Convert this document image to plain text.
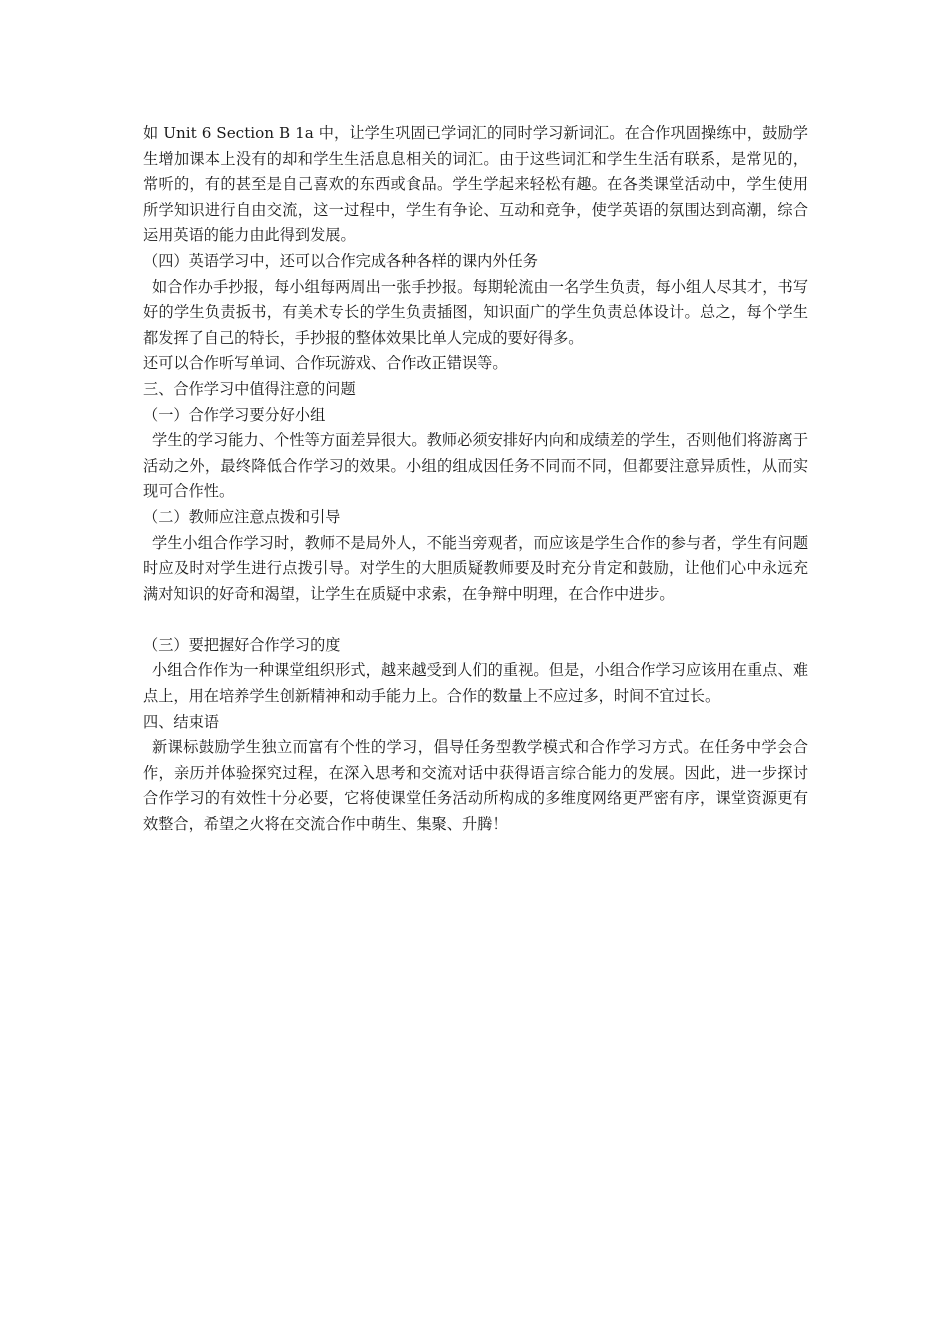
如 Unit 6 Section B 1a 中，让学生巩固已学词汇的同时学习新词汇。在合作巩固操练中，鼓励学生增加课本上没有的却和学生生活息息相关的词汇。由于这些词汇和学生生活有联系，是常见的，常听的，有的甚至是自己喜欢的东西或食品。学生学起来轻松有趣。在各类课堂活动中，学生使用所学知识进行自由交流，这一过程中，学生有争论、互动和竞争，使学英语的氛围达到高潮，综合运用英语的能力由此得到发展。

（四）英语学习中，还可以合作完成各种各样的课内外任务

如合作办手抄报，每小组每两周出一张手抄报。每期轮流由一名学生负责，每小组人尽其才，书写好的学生负责扳书，有美术专长的学生负责插图，知识面广的学生负责总体设计。总之，每个学生都发挥了自己的特长，手抄报的整体效果比单人完成的要好得多。

还可以合作听写单词、合作玩游戏、合作改正错误等。

三、合作学习中值得注意的问题

（一）合作学习要分好小组

学生的学习能力、个性等方面差异很大。教师必须安排好内向和成绩差的学生，否则他们将游离于活动之外，最终降低合作学习的效果。小组的组成因任务不同而不同，但都要注意异质性，从而实现可合作性。

（二）教师应注意点拨和引导

学生小组合作学习时，教师不是局外人，不能当旁观者，而应该是学生合作的参与者，学生有问题时应及时对学生进行点拨引导。对学生的大胆质疑教师要及时充分肯定和鼓励，让他们心中永远充满对知识的好奇和渴望，让学生在质疑中求索，在争辩中明理，在合作中进步。

（三）要把握好合作学习的度

小组合作作为一种课堂组织形式，越来越受到人们的重视。但是，小组合作学习应该用在重点、难点上，用在培养学生创新精神和动手能力上。合作的数量上不应过多，时间不宜过长。

四、结束语

新课标鼓励学生独立而富有个性的学习，倡导任务型教学模式和合作学习方式。在任务中学会合作，亲历并体验探究过程，在深入思考和交流对话中获得语言综合能力的发展。因此，进一步探讨合作学习的有效性十分必要，它将使课堂任务活动所构成的多维度网络更严密有序，课堂资源更有效整合，希望之火将在交流合作中萌生、集聚、升腾！
